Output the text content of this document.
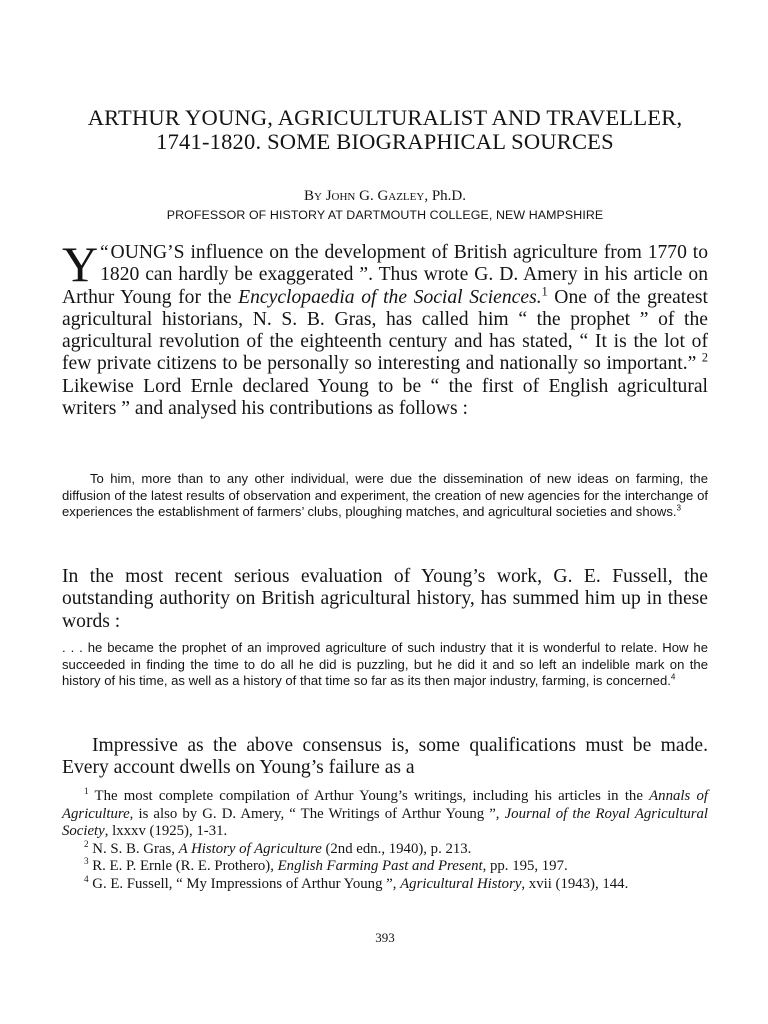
ARTHUR YOUNG, AGRICULTURALIST AND TRAVELLER, 1741-1820. SOME BIOGRAPHICAL SOURCES
By John G. Gazley, Ph.D.
PROFESSOR OF HISTORY AT DARTMOUTH COLLEGE, NEW HAMPSHIRE

“
Y OUNG’S influence on the development of British agriculture from 1770 to 1820 can hardly be exaggerated ”. Thus wrote G. D. Amery in his article on Arthur Young for the Encyclopaedia of the Social Sciences.$^1$ One of the greatest agricultural historians, N. S. B. Gras, has called him “ the prophet ” of the agricultural revolution of the eighteenth century and has stated, “ It is the lot of few private citizens to be personally so interesting and nationally so important.” $^2$ Likewise Lord Ernle declared Young to be “ the first of English agricultural writers ” and analysed his contributions as follows :

To him, more than to any other individual, were due the dissemination of new ideas on farming, the diffusion of the latest results of observation and experiment, the creation of new agencies for the interchange of experiences the establishment of farmers’ clubs, ploughing matches, and agricultural societies and shows.$^3$

In the most recent serious evaluation of Young’s work, G. E. Fussell, the outstanding authority on British agricultural history, has summed him up in these words :

. . . he became the prophet of an improved agriculture of such industry that it is wonderful to relate. How he succeeded in finding the time to do all he did is puzzling, but he did it and so left an indelible mark on the history of his time, as well as a history of that time so far as its then major industry, farming, is concerned.$^4$

Impressive as the above consensus is, some qualifications must be made. Every account dwells on Young’s failure as a

$^1$ The most complete compilation of Arthur Young’s writings, including his articles in the Annals of Agriculture, is also by G. D. Amery, “ The Writings of Arthur Young ”, Journal of the Royal Agricultural Society, lxxxv (1925), 1-31.

$^2$ N. S. B. Gras, A History of Agriculture (2nd edn., 1940), p. 213.

$^3$ R. E. P. Ernle (R. E. Prothero), English Farming Past and Present, pp. 195, 197.

$^4$ G. E. Fussell, “ My Impressions of Arthur Young ”, Agricultural History, xvii (1943), 144.

393
